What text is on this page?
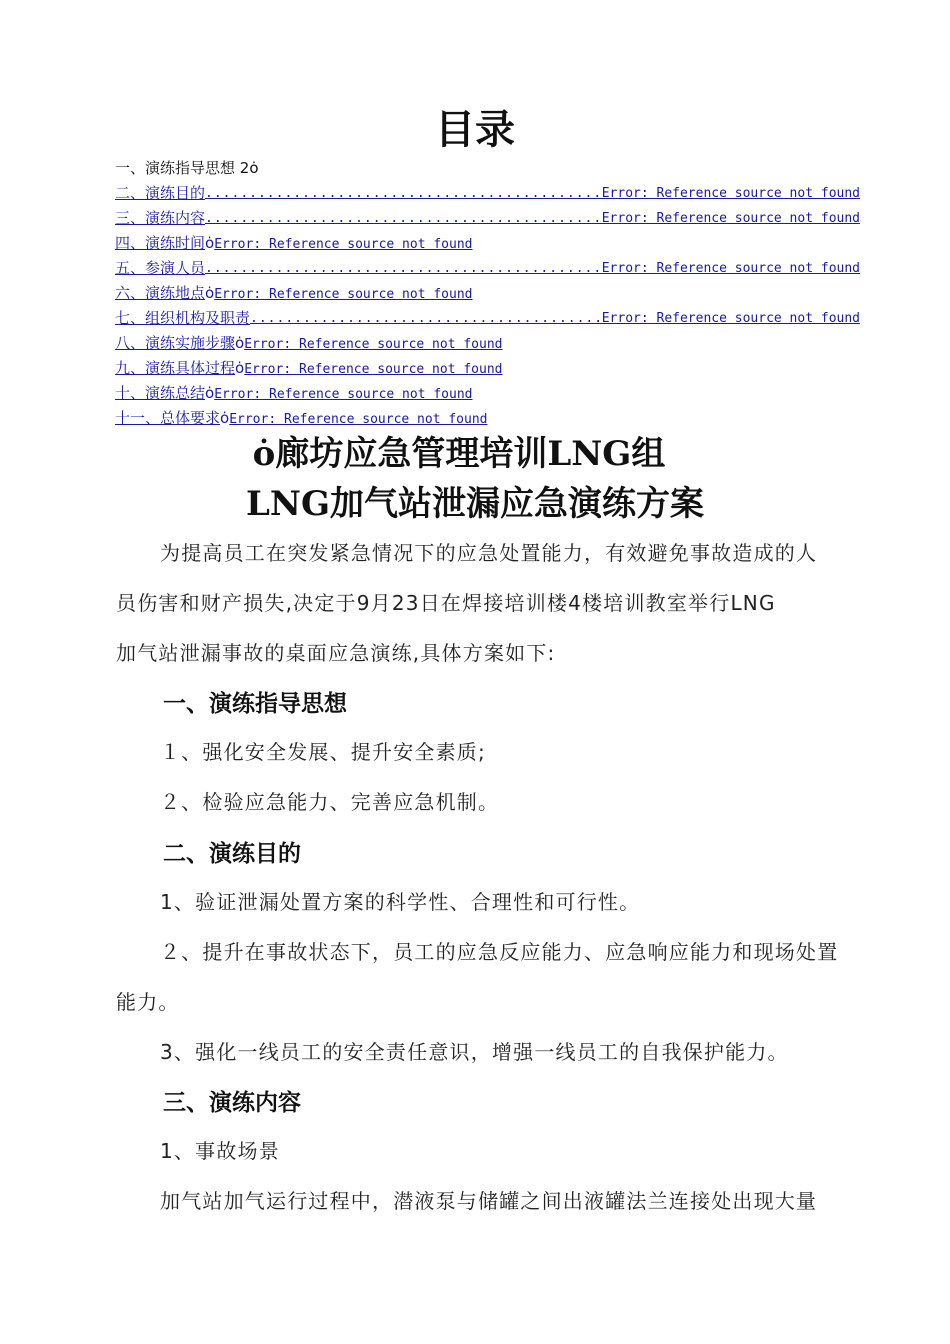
目录
一、演练指导思想 2ȯ
二、演练目的 .....	Error: Reference source not found
三、演练内容 .....	Error: Reference source not found
四、演练时间ȯError: Reference source not found
五、参演人员 .....	Error: Reference source not found
六、演练地点ȯError: Reference source not found
七、组织机构及职责 .....	Error: Reference source not found
八、演练实施步骤ȯError: Reference source not found
九、演练具体过程ȯError: Reference source not found
十、演练总结ȯError: Reference source not found
十一、总体要求ȯError: Reference source not found
ȯ廊坊应急管理培训LNG组
LNG加气站泄漏应急演练方案

为提高员工在突发紧急情况下的应急处置能力，有效避免事故造成的人

员伤害和财产损失,决定于9月23日在焊接培训楼4楼培训教室举行LNG

加气站泄漏事故的桌面应急演练,具体方案如下:

一、演练指导思想

１、强化安全发展、提升安全素质;

２、检验应急能力、完善应急机制。

二、演练目的

1、验证泄漏处置方案的科学性、合理性和可行性。

２、提升在事故状态下，员工的应急反应能力、应急响应能力和现场处置

能力。

3、强化一线员工的安全责任意识，增强一线员工的自我保护能力。

三、演练内容

1、事故场景

加气站加气运行过程中，潜液泵与储罐之间出液罐法兰连接处出现大量
